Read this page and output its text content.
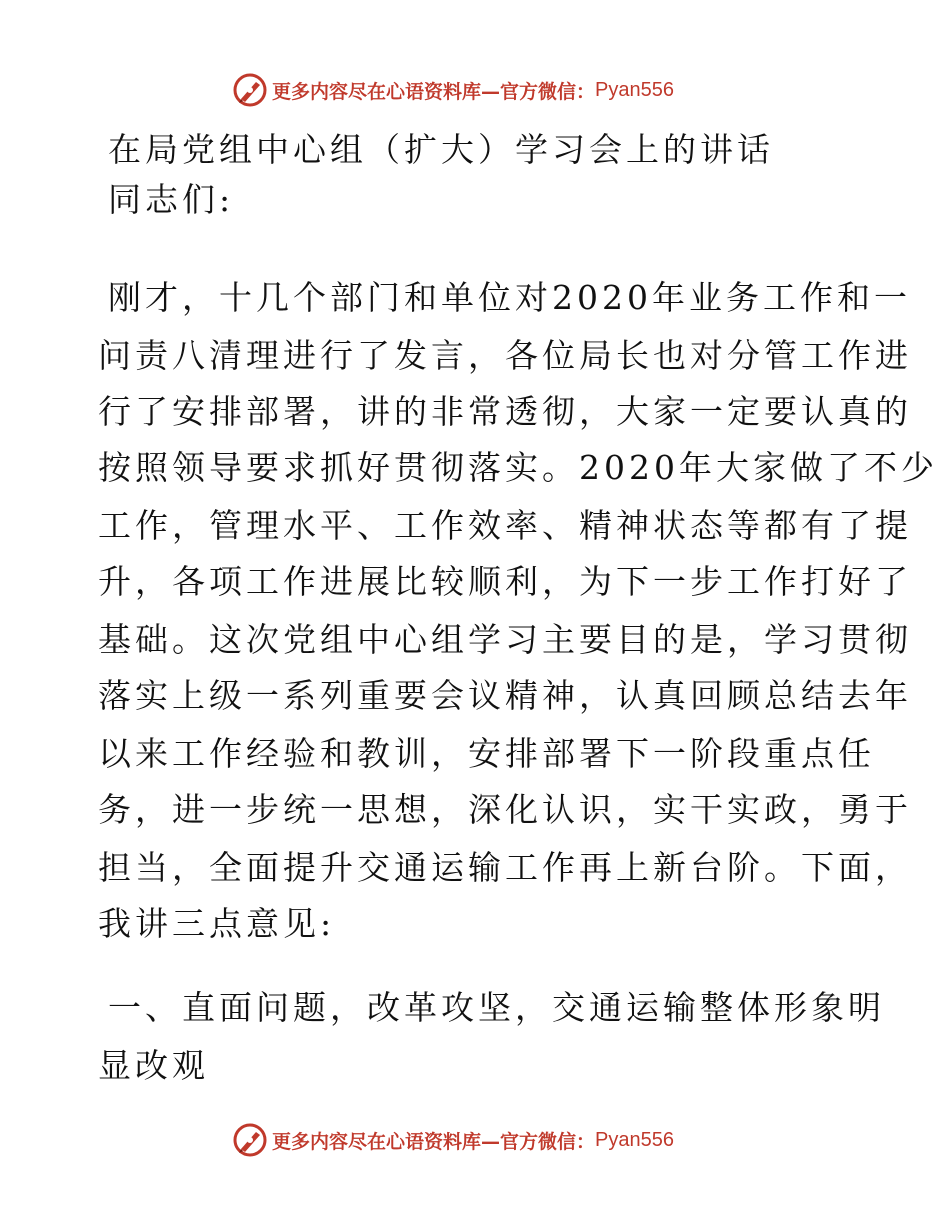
更多内容尽在心语资料库—官方微信： Pyan556
在局党组中心组（扩大）学习会上的讲话
同志们:
刚才，十几个部门和单位对2020年业务工作和一
问责八清理进行了发言，各位局长也对分管工作进
行了安排部署，讲的非常透彻，大家一定要认真的
按照领导要求抓好贯彻落实。2020年大家做了不少
工作，管理水平、工作效率、精神状态等都有了提
升，各项工作进展比较顺利，为下一步工作打好了
基础。这次党组中心组学习主要目的是，学习贯彻
落实上级一系列重要会议精神，认真回顾总结去年
以来工作经验和教训，安排部署下一阶段重点任
务，进一步统一思想，深化认识，实干实政，勇于
担当，全面提升交通运输工作再上新台阶。下面，
我讲三点意见:
一、直面问题，改革攻坚，交通运输整体形象明
显改观
更多内容尽在心语资料库—官方微信： Pyan556
